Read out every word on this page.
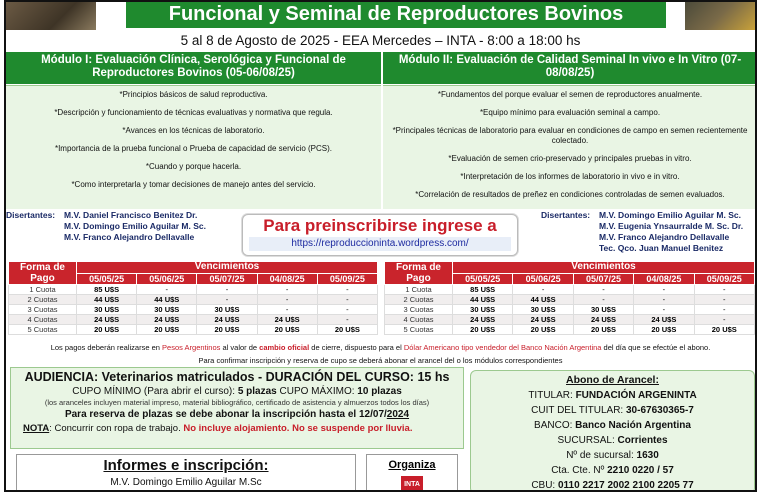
Funcional y Seminal de Reproductores Bovinos
5 al 8 de Agosto de 2025 - EEA Mercedes – INTA - 8:00 a 18:00 hs
Módulo I: Evaluación Clínica, Serológica y Funcional de Reproductores Bovinos (05-06/08/25)
Módulo II: Evaluación de Calidad Seminal In vivo e In Vitro (07-08/08/25)

*Principios básicos de salud reproductiva.

*Descripción y funcionamiento de técnicas evaluativas y normativa que regula.

*Avances en los técnicas de laboratorio.

*Importancia de la prueba funcional o Prueba de capacidad de servicio (PCS).

*Cuando y porque hacerla.

*Como interpretarla y tomar decisiones de manejo antes del servicio.

*Fundamentos del porque evaluar el semen de reproductores anualmente.

*Equipo mínimo para evaluación seminal a campo.

*Principales técnicas de laboratorio para evaluar en condiciones de campo en semen recientemente colectado.

*Evaluación de semen crio-preservado y principales pruebas in vitro.

*Interpretación de los informes de laboratorio in vivo e in vitro.

*Correlación de resultados de preñez en condiciones controladas de semen evaluados.

Disertantes: M.V. Daniel Francisco Benitez Dr.
M.V. Domingo Emilio Aguilar M. Sc.
M.V. Franco Alejandro Dellavalle
Disertantes: M.V. Domingo Emilio Aguilar M. Sc.
M.V. Eugenia Ynsaurralde M. Sc. Dr.
M.V. Franco Alejandro Dellavalle
Tec. Qco. Juan Manuel Benitez
Para preinscribirse ingrese a
https://reproduccioninta.wordpress.com/
Forma de Pago	Vencimientos				
	05/05/25	05/06/25	05/07/25	04/08/25	05/09/25
1 Cuota	85 U$S	-	-	-	-
2 Cuotas	44 U$S	44 U$S	-	-	-
3 Cuotas	30 U$S	30 U$S	30 U$S	-	-
4 Cuotas	24 U$S	24 U$S	24 U$S	24 U$S	-
5 Cuotas	20 U$S	20 U$S	20 U$S	20 U$S	20 U$S
Forma de Pago	Vencimientos				
	05/05/25	05/06/25	05/07/25	04/08/25	05/09/25
1 Cuota	85 U$S	-	-	-	-
2 Cuotas	44 U$S	44 U$S	-	-	-
3 Cuotas	30 U$S	30 U$S	30 U$S	-	-
4 Cuotas	24 U$S	24 U$S	24 U$S	24 U$S	-
5 Cuotas	20 U$S	20 U$S	20 U$S	20 U$S	20 U$S
Los pagos deberán realizarse en Pesos Argentinos al valor de cambio oficial de cierre, dispuesto para el Dólar Americano tipo vendedor del Banco Nación Argentina del día que se efectúe el abono.
Para confirmar inscripción y reserva de cupo se deberá abonar el arancel del o los módulos correspondientes
AUDIENCIA: Veterinarios matriculados - DURACIÓN DEL CURSO: 15 hs
CUPO MÍNIMO (Para abrir el curso): 5 plazas CUPO MÁXIMO: 10 plazas
(los aranceles incluyen material impreso, material bibliográfico, certificado de asistencia y almuerzos todos los días)
Para reserva de plazas se debe abonar la inscripción hasta el 12/07/2024
NOTA: Concurrir con ropa de trabajo. No incluye alojamiento. No se suspende por lluvia.
Abono de Arancel:
TITULAR: FUNDACIÓN ARGENINTA
CUIT DEL TITULAR: 30-67630365-7
BANCO: Banco Nación Argentina
SUCURSAL: Corrientes
Nº de sucursal: 1630
Cta. Cte. Nº 2210 0220 / 57
CBU: 0110 2217 2002 2100 2205 77
Informes e inscripción:
M.V. Domingo Emilio Aguilar M.Sc
Organiza
INTA
